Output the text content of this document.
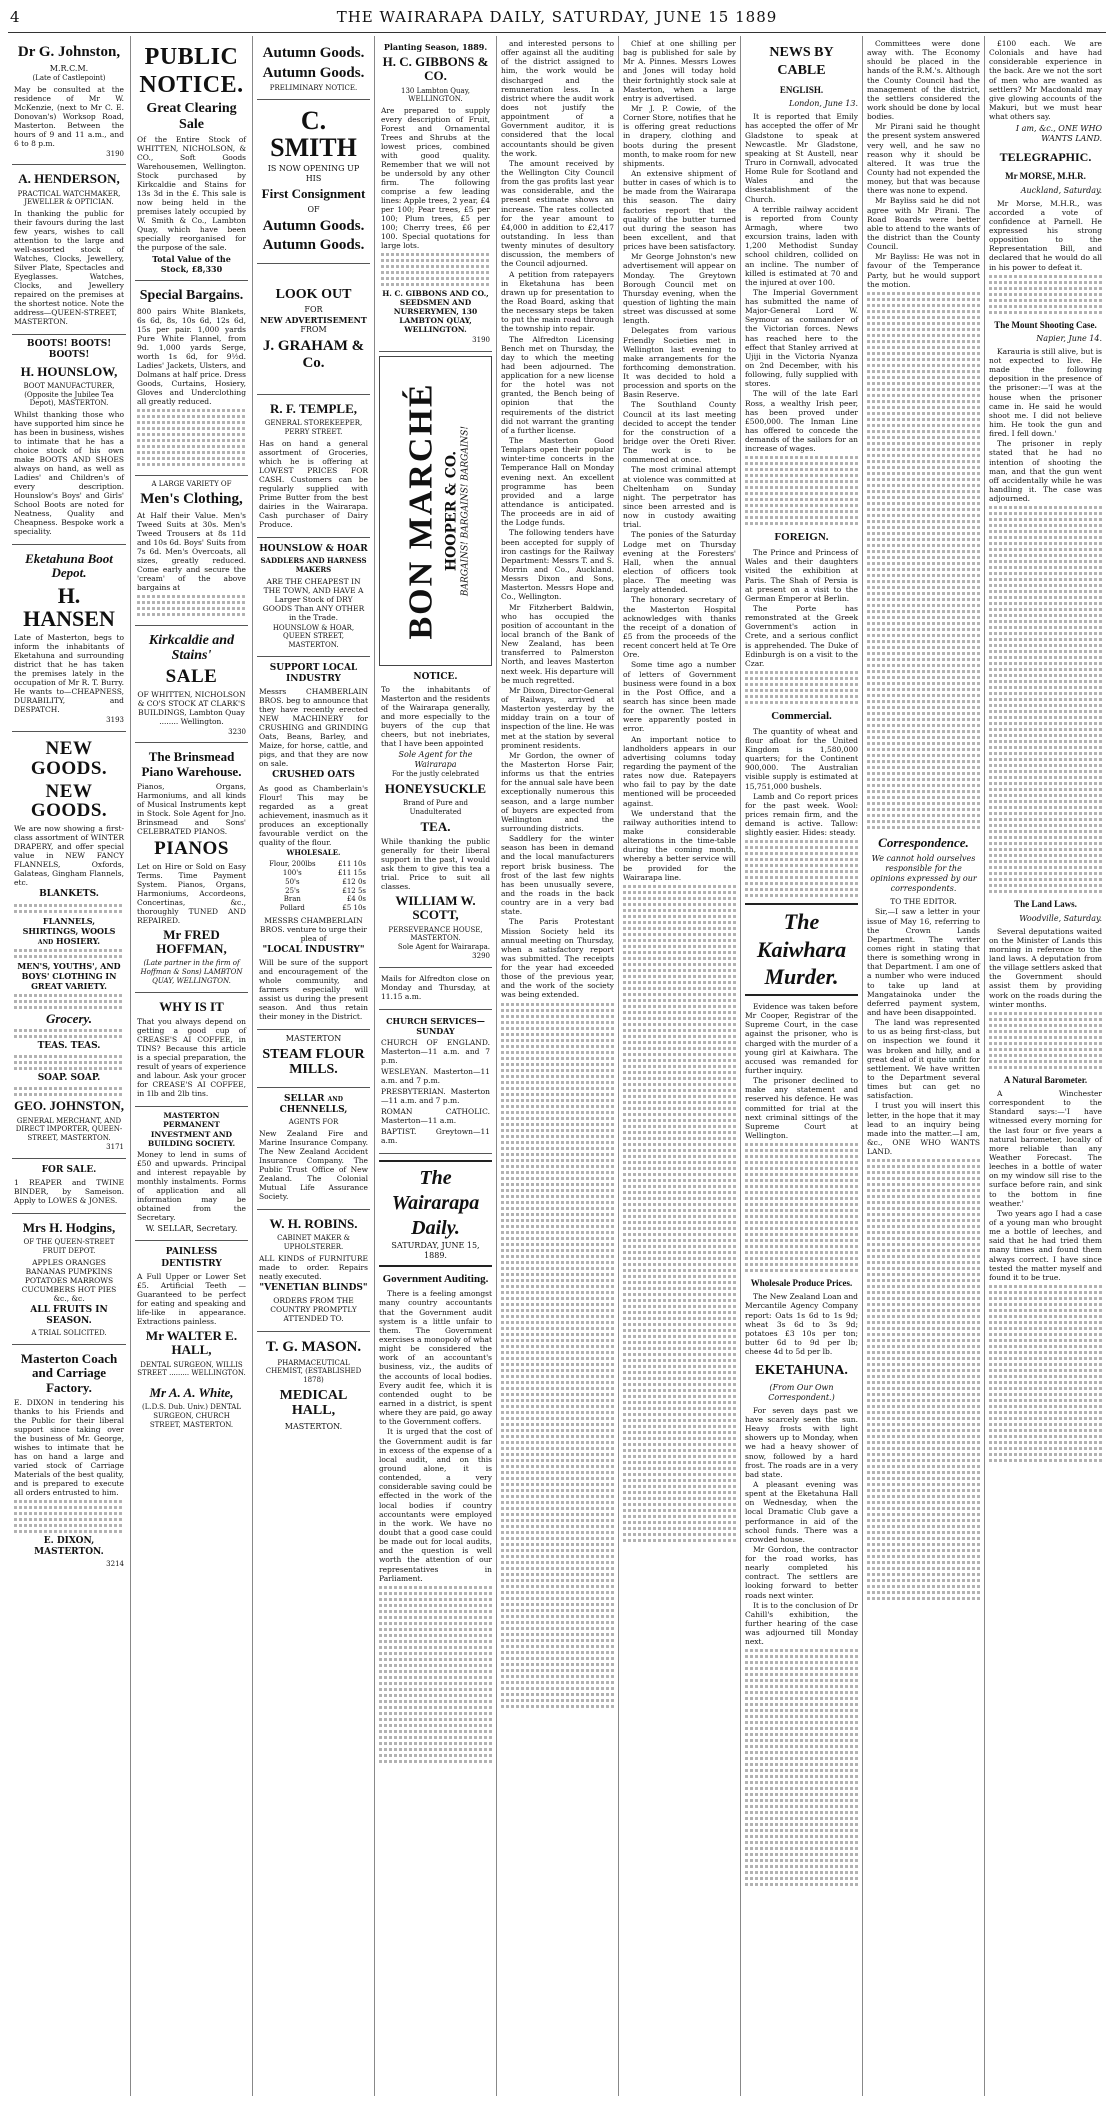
4	THE WAIRARAPA DAILY, SATURDAY, JUNE 15 1889
Dr G. Johnston,
M.R.C.M.
(Late of Castlepoint)

May be consulted at the residence of Mr W. McKenzie, (next to Mr C. E. Donovan's) Worksop Road, Masterton. Between the hours of 9 and 11 a.m., and 6 to 8 p.m.

3190
A. HENDERSON,
PRACTICAL WATCHMAKER, JEWELLER & OPTICIAN.

In thanking the public for their favours during the last few years, wishes to call attention to the large and well-assorted stock of Watches, Clocks, Jewellery, Silver Plate, Spectacles and Eyeglasses. Watches, Clocks, and Jewellery repaired on the premises at the shortest notice. Note the address—QUEEN-STREET, MASTERTON.

BOOTS! BOOTS! BOOTS!
H. HOUNSLOW,
BOOT MANUFACTURER, (Opposite the Jubilee Tea Depot), MASTERTON.

Whilst thanking those who have supported him since he has been in business, wishes to intimate that he has a choice stock of his own make BOOTS AND SHOES always on hand, as well as Ladies' and Children's of every description. Hounslow's Boys' and Girls' School Boots are noted for Neatness, Quality and Cheapness. Bespoke work a speciality.

Eketahuna Boot Depot.
H. HANSEN

Late of Masterton, begs to inform the inhabitants of Eketahuna and surrounding district that he has taken the premises lately in the occupation of Mr R. T. Burry. He wants to—CHEAPNESS, DURABILITY, and DESPATCH.

3193
NEW GOODS.
NEW GOODS.

We are now showing a first-class assortment of WINTER DRAPERY, and offer special value in NEW FANCY FLANNELS, Oxfords, Galateas, Gingham Flannels, etc.

BLANKETS.
FLANNELS, SHIRTINGS, WOOLS and HOSIERY.
MEN'S, YOUTHS', AND BOYS' CLOTHING IN GREAT VARIETY.
Grocery.
TEAS. TEAS.
SOAP. SOAP.
GEO. JOHNSTON,
GENERAL MERCHANT, AND DIRECT IMPORTER, QUEEN-STREET, MASTERTON.
3171
FOR SALE.

1 REAPER and TWINE BINDER, by Sameison. Apply to LOWES & JONES.

Mrs H. Hodgins,
OF THE QUEEN-STREET FRUIT DEPOT.

APPLES ORANGES BANANAS PUMPKINS POTATOES MARROWS CUCUMBERS HOT PIES &c., &c.

ALL FRUITS IN SEASON.
A TRIAL SOLICITED.
Masterton Coach and Carriage Factory.

E. DIXON in tendering his thanks to his Friends and the Public for their liberal support since taking over the business of Mr. George, wishes to intimate that he has on hand a large and varied stock of Carriage Materials of the best quality, and is prepared to execute all orders entrusted to him.

E. DIXON, MASTERTON.
3214
PUBLIC
NOTICE.
Great Clearing Sale

Of the Entire Stock of WHITTEN, NICHOLSON, & CO., Soft Goods Warehousemen, Wellington. Stock purchased by Kirkcaldie and Stains for 13s 3d in the £. This sale is now being held in the premises lately occupied by W. Smith & Co., Lambton Quay, which have been specially reorganised for the purpose of the sale.

Total Value of the Stock, £8,330
Special Bargains.

800 pairs White Blankets, 6s 6d, 8s, 10s 6d, 12s 6d, 15s per pair. 1,000 yards Pure White Flannel, from 9d. 1,000 yards Serge, worth 1s 6d, for 9½d. Ladies' Jackets, Ulsters, and Dolmans at half price. Dress Goods, Curtains, Hosiery, Gloves and Underclothing all greatly reduced.

A LARGE VARIETY OF
Men's Clothing,

At Half their Value. Men's Tweed Suits at 30s. Men's Tweed Trousers at 8s 11d and 10s 6d. Boys' Suits from 7s 6d. Men's Overcoats, all sizes, greatly reduced. Come early and secure the 'cream' of the above bargains at

Kirkcaldie and Stains'
SALE

OF WHITTEN, NICHOLSON & CO'S STOCK AT CLARK'S BUILDINGS, Lambton Quay ........ Wellington.

3230
The Brinsmead Piano Warehouse.

Pianos, Organs, Harmoniums, and all kinds of Musical Instruments kept in Stock. Sole Agent for Jno. Brinsmead and Sons' CELEBRATED PIANOS.

PIANOS

Let on Hire or Sold on Easy Terms. Time Payment System. Pianos, Organs, Harmoniums, Accordeons, Concertinas, &c., thoroughly TUNED AND REPAIRED.

Mr FRED HOFFMAN,
(Late partner in the firm of Hoffman & Sons) LAMBTON QUAY, WELLINGTON.
WHY IS IT

That you always depend on getting a good cup of CREASE'S AI COFFEE, in TINS? Because this article is a special preparation, the result of years of experience and labour. Ask your grocer for CREASE'S AI COFFEE, in 1lb and 2lb tins.

MASTERTON PERMANENT INVESTMENT AND BUILDING SOCIETY.

Money to lend in sums of £50 and upwards. Principal and interest repayable by monthly instalments. Forms of application and all information may be obtained from the Secretary.

W. SELLAR, Secretary.
PAINLESS DENTISTRY

A Full Upper or Lower Set £5. Artificial Teeth — Guaranteed to be perfect for eating and speaking and life-like in appearance. Extractions painless.

Mr WALTER E. HALL,
DENTAL SURGEON, WILLIS STREET ......... WELLINGTON.
Mr A. A. White,
(L.D.S. Dub. Univ.) DENTAL SURGEON, CHURCH STREET, MASTERTON.
Autumn Goods.
Autumn Goods.
PRELIMINARY NOTICE.
C. SMITH
IS NOW OPENING UP HIS
First Consignment
OF
Autumn Goods.
Autumn Goods.
LOOK OUT
FOR
NEW ADVERTISEMENT
FROM
J. GRAHAM & Co.
R. F. TEMPLE,
GENERAL STOREKEEPER, PERRY STREET.

Has on hand a general assortment of Groceries, which he is offering at LOWEST PRICES FOR CASH. Customers can be regularly supplied with Prime Butter from the best dairies in the Wairarapa. Cash purchaser of Dairy Produce.

HOUNSLOW & HOAR
SADDLERS AND HARNESS MAKERS

ARE THE CHEAPEST IN THE TOWN, AND HAVE A Larger Stock of DRY GOODS Than ANY OTHER in the Trade.

HOUNSLOW & HOAR, QUEEN STREET, MASTERTON.
SUPPORT LOCAL INDUSTRY

Messrs CHAMBERLAIN BROS. beg to announce that they have recently erected NEW MACHINERY for CRUSHING and GRINDING Oats, Beans, Barley, and Maize, for horse, cattle, and pigs, and that they are now on sale.

CRUSHED OATS

As good as Chamberlain's Flour! This may be regarded as a great achievement, inasmuch as it produces an exceptionally favourable verdict on the quality of the flour.

WHOLESALE.
Flour, 200lbs	£11 10s
100's	£11 15s
50's	£12 0s
25's	£12 5s
Bran	£4 0s
Pollard	£5 10s

MESSRS CHAMBERLAIN BROS. venture to urge their plea of

"LOCAL INDUSTRY"

Will be sure of the support and encouragement of the whole community, and farmers especially will assist us during the present season. And thus retain their money in the District.

MASTERTON
STEAM FLOUR MILLS.
SELLAR and CHENNELLS,
AGENTS FOR

New Zealand Fire and Marine Insurance Company. The New Zealand Accident Insurance Company. The Public Trust Office of New Zealand. The Colonial Mutual Life Assurance Society.

W. H. ROBINS.
CABINET MAKER & UPHOLSTERER.

ALL KINDS of FURNITURE made to order. Repairs neatly executed.

"VENETIAN BLINDS"

ORDERS FROM THE COUNTRY PROMPTLY ATTENDED TO.

T. G. MASON.
PHARMACEUTICAL CHEMIST, (ESTABLISHED 1878)
MEDICAL HALL,
MASTERTON.
Planting Season, 1889.
H. C. GIBBONS & CO.
130 Lambton Quay, WELLINGTON.

Are prepared to supply every description of Fruit, Forest and Ornamental Trees and Shrubs at the lowest prices, combined with good quality. Remember that we will not be undersold by any other firm. The following comprise a few leading lines: Apple trees, 2 year, £4 per 100; Pear trees, £5 per 100; Plum trees, £5 per 100; Cherry trees, £6 per 100. Special quotations for large lots.

H. C. GIBBONS AND CO., SEEDSMEN AND NURSERYMEN, 130 LAMBTON QUAY, WELLINGTON.

3190
BON MARCHÉ HOOPER & CO. BARGAINS! BARGAINS! BARGAINS!
NOTICE.

To the inhabitants of Masterton and the residents of the Wairarapa generally, and more especially to the buyers of the cup that cheers, but not inebriates, that I have been appointed

Sole Agent for the Wairarapa
For the justly celebrated
HONEYSUCKLE
Brand of Pure and Unadulterated
TEA.

While thanking the public generally for their liberal support in the past, I would ask them to give this tea a trial. Price to suit all classes.

WILLIAM W. SCOTT,
PERSEVERANCE HOUSE, MASTERTON.
Sole Agent for Wairarapa. 3290

Mails for Alfredton close on Monday and Thursday, at 11.15 a.m.

CHURCH SERVICES—SUNDAY

CHURCH OF ENGLAND. Masterton—11 a.m. and 7 p.m.

WESLEYAN. Masterton—11 a.m. and 7 p.m.

PRESBYTERIAN. Masterton—11 a.m. and 7 p.m.

ROMAN CATHOLIC. Masterton—11 a.m.

BAPTIST. Greytown—11 a.m.

The Wairarapa Daily.
SATURDAY, JUNE 15, 1889.
Government Auditing.

There is a feeling amongst many country accountants that the Government audit system is a little unfair to them. The Government exercises a monopoly of what might be considered the work of an accountant's business, viz., the audits of the accounts of local bodies. Every audit fee, which it is contended ought to be earned in a district, is spent where they are paid, go away to the Government coffers.

It is urged that the cost of the Government audit is far in excess of the expense of a local audit, and on this ground alone, it is contended, a very considerable saving could be effected in the work of the local bodies if country accountants were employed in the work. We have no doubt that a good case could be made out for local audits, and the question is well worth the attention of our representatives in Parliament.

and interested persons to offer against all the auditing of the district assigned to him, the work would be discharged and the remuneration less. In a district where the audit work does not justify the appointment of a Government auditor, it is considered that the local accountants should be given the work.

The amount received by the Wellington City Council from the gas profits last year was considerable, and the present estimate shows an increase. The rates collected for the year amount to £4,000 in addition to £2,417 outstanding. In less than twenty minutes of desultory discussion, the members of the Council adjourned.

A petition from ratepayers in Eketahuna has been drawn up for presentation to the Road Board, asking that the necessary steps be taken to put the main road through the township into repair.

The Alfredton Licensing Bench met on Thursday, the day to which the meeting had been adjourned. The application for a new license for the hotel was not granted, the Bench being of opinion that the requirements of the district did not warrant the granting of a further license.

The Masterton Good Templars open their popular winter-time concerts in the Temperance Hall on Monday evening next. An excellent programme has been provided and a large attendance is anticipated. The proceeds are in aid of the Lodge funds.

The following tenders have been accepted for supply of iron castings for the Railway Department: Messrs T. and S. Morrin and Co., Auckland. Messrs Dixon and Sons, Masterton. Messrs Hope and Co., Wellington.

Mr Fitzherbert Baldwin, who has occupied the position of accountant in the local branch of the Bank of New Zealand, has been transferred to Palmerston North, and leaves Masterton next week. His departure will be much regretted.

Mr Dixon, Director-General of Railways, arrived at Masterton yesterday by the midday train on a tour of inspection of the line. He was met at the station by several prominent residents.

Mr Gordon, the owner of the Masterton Horse Fair, informs us that the entries for the annual sale have been exceptionally numerous this season, and a large number of buyers are expected from Wellington and the surrounding districts.

Saddlery for the winter season has been in demand and the local manufacturers report brisk business. The frost of the last few nights has been unusually severe, and the roads in the back country are in a very bad state.

The Paris Protestant Mission Society held its annual meeting on Thursday, when a satisfactory report was submitted. The receipts for the year had exceeded those of the previous year, and the work of the society was being extended.

Chief at one shilling per bag is published for sale by Mr A. Pinnes. Messrs Lowes and Jones will today hold their fortnightly stock sale at Masterton, when a large entry is advertised.

Mr J. P. Cowie, of the Corner Store, notifies that he is offering great reductions in drapery, clothing and boots during the present month, to make room for new shipments.

An extensive shipment of butter in cases of which is to be made from the Wairarapa this season. The dairy factories report that the quality of the butter turned out during the season has been excellent, and that prices have been satisfactory.

Mr George Johnston's new advertisement will appear on Monday. The Greytown Borough Council met on Thursday evening, when the question of lighting the main street was discussed at some length.

Delegates from various Friendly Societies met in Wellington last evening to make arrangements for the forthcoming demonstration. It was decided to hold a procession and sports on the Basin Reserve.

The Southland County Council at its last meeting decided to accept the tender for the construction of a bridge over the Oreti River. The work is to be commenced at once.

The most criminal attempt at violence was committed at Cheltenham on Sunday night. The perpetrator has since been arrested and is now in custody awaiting trial.

The ponies of the Saturday Lodge met on Thursday evening at the Foresters' Hall, when the annual election of officers took place. The meeting was largely attended.

The honorary secretary of the Masterton Hospital acknowledges with thanks the receipt of a donation of £5 from the proceeds of the recent concert held at Te Ore Ore.

Some time ago a number of letters of Government business were found in a box in the Post Office, and a search has since been made for the owner. The letters were apparently posted in error.

An important notice to landholders appears in our advertising columns today regarding the payment of the rates now due. Ratepayers who fail to pay by the date mentioned will be proceeded against.

We understand that the railway authorities intend to make considerable alterations in the time-table during the coming month, whereby a better service will be provided for the Wairarapa line.

NEWS BY CABLE
ENGLISH.
London, June 13.

It is reported that Emily has accepted the offer of Mr Gladstone to speak at Newcastle. Mr Gladstone, speaking at St Austell, near Truro in Cornwall, advocated Home Rule for Scotland and Wales and the disestablishment of the Church.

A terrible railway accident is reported from County Armagh, where two excursion trains, laden with 1,200 Methodist Sunday school children, collided on an incline. The number of killed is estimated at 70 and the injured at over 100.

The Imperial Government has submitted the name of Major-General Lord W. Seymour as commander of the Victorian forces. News has reached here to the effect that Stanley arrived at Ujiji in the Victoria Nyanza on 2nd December, with his following, fully supplied with stores.

The will of the late Earl Ross, a wealthy Irish peer, has been proved under £500,000. The Inman Line has offered to concede the demands of the sailors for an increase of wages.

FOREIGN.

The Prince and Princess of Wales and their daughters visited the exhibition at Paris. The Shah of Persia is at present on a visit to the German Emperor at Berlin.

The Porte has remonstrated at the Greek Government's action in Crete, and a serious conflict is apprehended. The Duke of Edinburgh is on a visit to the Czar.

Commercial.

The quantity of wheat and flour afloat for the United Kingdom is 1,580,000 quarters; for the Continent 900,000. The Australian visible supply is estimated at 15,751,000 bushels.

Lamb and Co report prices for the past week. Wool: prices remain firm, and the demand is active. Tallow: slightly easier. Hides: steady.

The Kaiwhara Murder.

Evidence was taken before Mr Cooper, Registrar of the Supreme Court, in the case against the prisoner, who is charged with the murder of a young girl at Kaiwhara. The accused was remanded for further inquiry.

The prisoner declined to make any statement and reserved his defence. He was committed for trial at the next criminal sittings of the Supreme Court at Wellington.

Wholesale Produce Prices.

The New Zealand Loan and Mercantile Agency Company report: Oats 1s 6d to 1s 9d; wheat 3s 6d to 3s 9d; potatoes £3 10s per ton; butter 6d to 9d per lb; cheese 4d to 5d per lb.

EKETAHUNA.
(From Our Own Correspondent.)

For seven days past we have scarcely seen the sun. Heavy frosts with light showers up to Monday, when we had a heavy shower of snow, followed by a hard frost. The roads are in a very bad state.

A pleasant evening was spent at the Eketahuna Hall on Wednesday, when the local Dramatic Club gave a performance in aid of the school funds. There was a crowded house.

Mr Gordon, the contractor for the road works, has nearly completed his contract. The settlers are looking forward to better roads next winter.

It is to the conclusion of Dr Cahill's exhibition, the further hearing of the case was adjourned till Monday next.

Committees were done away with. The Economy should be placed in the hands of the R.M.'s. Although the County Council had the management of the district, the settlers considered the work should be done by local bodies.

Mr Pirani said he thought the present system answered very well, and he saw no reason why it should be altered. It was true the County had not expended the money, but that was because there was none to expend.

Mr Bayliss said he did not agree with Mr Pirani. The Road Boards were better able to attend to the wants of the district than the County Council.

Mr Bayliss: He was not in favour of the Temperance Party, but he would support the motion.

Correspondence.
We cannot hold ourselves responsible for the opinions expressed by our correspondents.
TO THE EDITOR.

Sir,—I saw a letter in your issue of May 16, referring to the Crown Lands Department. The writer comes right in stating that there is something wrong in that Department. I am one of a number who were induced to take up land at Mangatainoka under the deferred payment system, and have been disappointed.

The land was represented to us as being first-class, but on inspection we found it was broken and hilly, and a great deal of it quite unfit for settlement. We have written to the Department several times but can get no satisfaction.

I trust you will insert this letter, in the hope that it may lead to an inquiry being made into the matter.—I am, &c., ONE WHO WANTS LAND.

£100 each. We are Colonials and have had considerable experience in the back. Are we not the sort of men who are wanted as settlers? Mr Macdonald may give glowing accounts of the Makuri, but we must hear what others say.

I am, &c., ONE WHO WANTS LAND.
TELEGRAPHIC.
Mr MORSE, M.H.R.
Auckland, Saturday.

Mr Morse, M.H.R., was accorded a vote of confidence at Parnell. He expressed his strong opposition to the Representation Bill, and declared that he would do all in his power to defeat it.

The Mount Shooting Case.
Napier, June 14.

Karauria is still alive, but is not expected to live. He made the following deposition in the presence of the prisoner:—'I was at the house when the prisoner came in. He said he would shoot me. I did not believe him. He took the gun and fired. I fell down.'

The prisoner in reply stated that he had no intention of shooting the man, and that the gun went off accidentally while he was handling it. The case was adjourned.

The Land Laws.
Woodville, Saturday.

Several deputations waited on the Minister of Lands this morning in reference to the land laws. A deputation from the village settlers asked that the Government should assist them by providing work on the roads during the winter months.

A Natural Barometer.

A Winchester correspondent to the Standard says:—'I have witnessed every morning for the last four or five years a natural barometer, locally of more reliable than any Weather Forecast. The leeches in a bottle of water on my window sill rise to the surface before rain, and sink to the bottom in fine weather.'

Two years ago I had a case of a young man who brought me a bottle of leeches, and said that he had tried them many times and found them always correct. I have since tested the matter myself and found it to be true.
